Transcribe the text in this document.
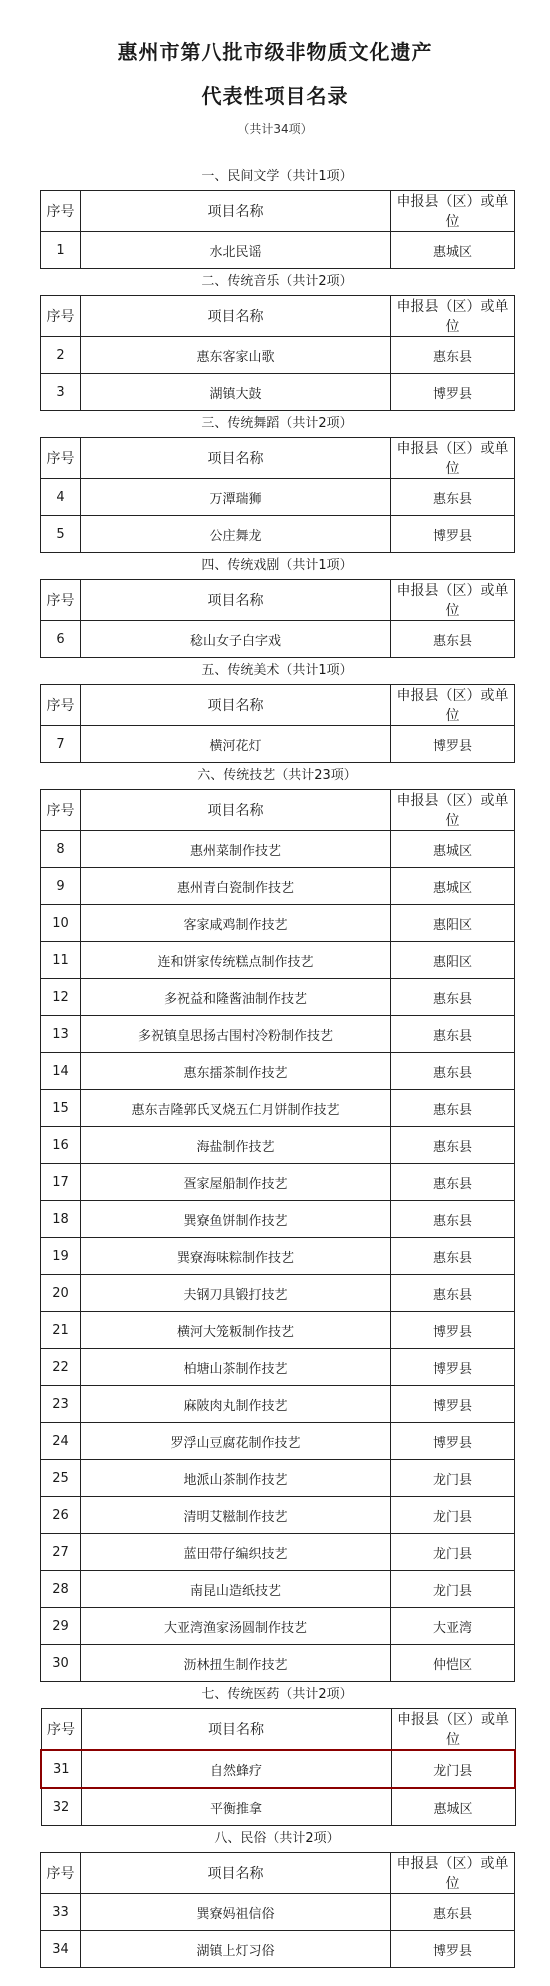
惠州市第八批市级非物质文化遗产
代表性项目名录
（共计34项）
一、民间文学（共计1项）
序号	项目名称	申报县（区）或单位
1	水北民谣	惠城区
二、传统音乐（共计2项）
序号	项目名称	申报县（区）或单位
2	惠东客家山歌	惠东县
3	湖镇大鼓	博罗县
三、传统舞蹈（共计2项）
序号	项目名称	申报县（区）或单位
4	万潭瑞狮	惠东县
5	公庄舞龙	博罗县
四、传统戏剧（共计1项）
序号	项目名称	申报县（区）或单位
6	稔山女子白字戏	惠东县
五、传统美术（共计1项）
序号	项目名称	申报县（区）或单位
7	横河花灯	博罗县
六、传统技艺（共计23项）
序号	项目名称	申报县（区）或单位
8	惠州菜制作技艺	惠城区
9	惠州青白瓷制作技艺	惠城区
10	客家咸鸡制作技艺	惠阳区
11	连和饼家传统糕点制作技艺	惠阳区
12	多祝益和隆酱油制作技艺	惠东县
13	多祝镇皇思扬古围村冷粉制作技艺	惠东县
14	惠东擂茶制作技艺	惠东县
15	惠东吉隆郭氏叉烧五仁月饼制作技艺	惠东县
16	海盐制作技艺	惠东县
17	疍家屋船制作技艺	惠东县
18	巽寮鱼饼制作技艺	惠东县
19	巽寮海味粽制作技艺	惠东县
20	夫钢刀具锻打技艺	惠东县
21	横河大笼粄制作技艺	博罗县
22	柏塘山茶制作技艺	博罗县
23	麻陂肉丸制作技艺	博罗县
24	罗浮山豆腐花制作技艺	博罗县
25	地派山茶制作技艺	龙门县
26	清明艾糍制作技艺	龙门县
27	蓝田带仔编织技艺	龙门县
28	南昆山造纸技艺	龙门县
29	大亚湾渔家汤圆制作技艺	大亚湾
30	沥林扭生制作技艺	仲恺区
七、传统医药（共计2项）
序号	项目名称	申报县（区）或单位
31	自然蜂疗	龙门县
32	平衡推拿	惠城区
八、民俗（共计2项）
序号	项目名称	申报县（区）或单位
33	巽寮妈祖信俗	惠东县
34	湖镇上灯习俗	博罗县
